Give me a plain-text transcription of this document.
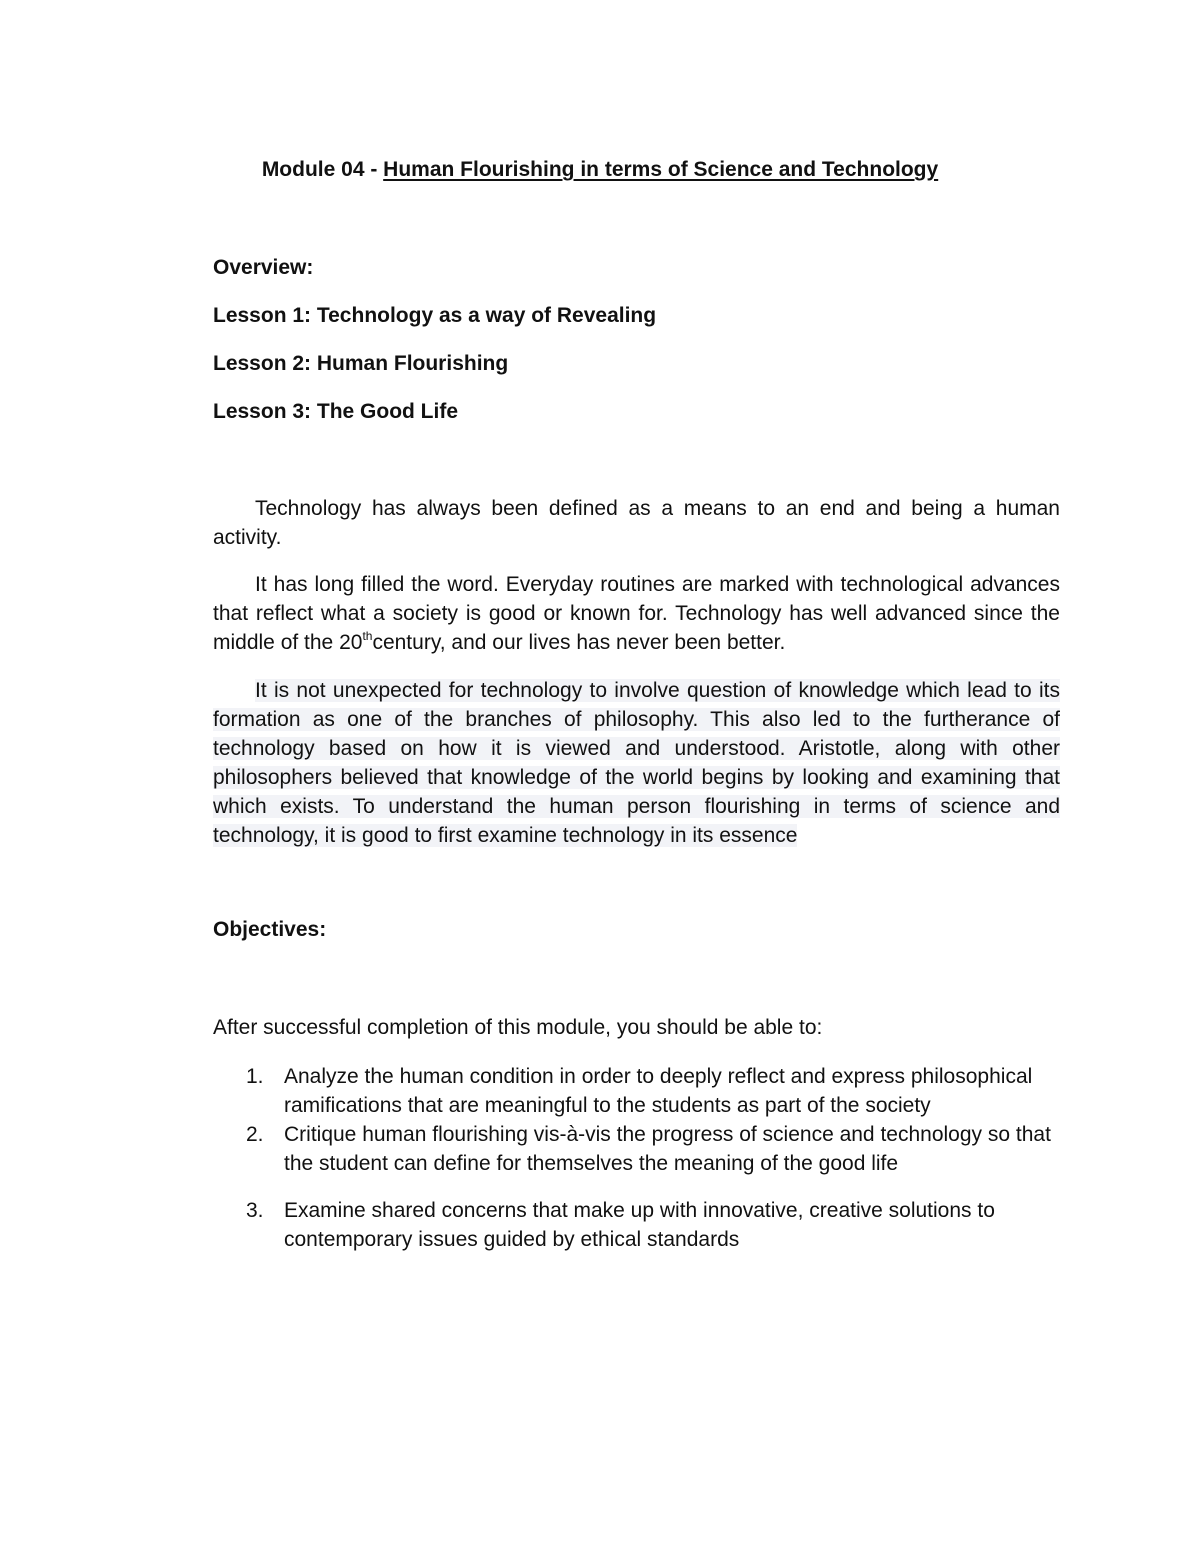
Module 04 - Human Flourishing in terms of Science and Technology
Overview:
Lesson 1: Technology as a way of Revealing
Lesson 2: Human Flourishing
Lesson 3: The Good Life

Technology has always been defined as a means to an end and being a human activity.

It has long filled the word. Everyday routines are marked with technological advances that reflect what a society is good or known for. Technology has well advanced since the middle of the 20thcentury, and our lives has never been better.

It is not unexpected for technology to involve question of knowledge which lead to its formation as one of the branches of philosophy. This also led to the furtherance of technology based on how it is viewed and understood. Aristotle, along with other philosophers believed that knowledge of the world begins by looking and examining that which exists. To understand the human person flourishing in terms of science and technology, it is good to first examine technology in its essence

Objectives:
After successful completion of this module, you should be able to:
1. Analyze the human condition in order to deeply reflect and express philosophical ramifications that are meaningful to the students as part of the society
2. Critique human flourishing vis-à-vis the progress of science and technology so that the student can define for themselves the meaning of the good life
3. Examine shared concerns that make up with innovative, creative solutions to contemporary issues guided by ethical standards
